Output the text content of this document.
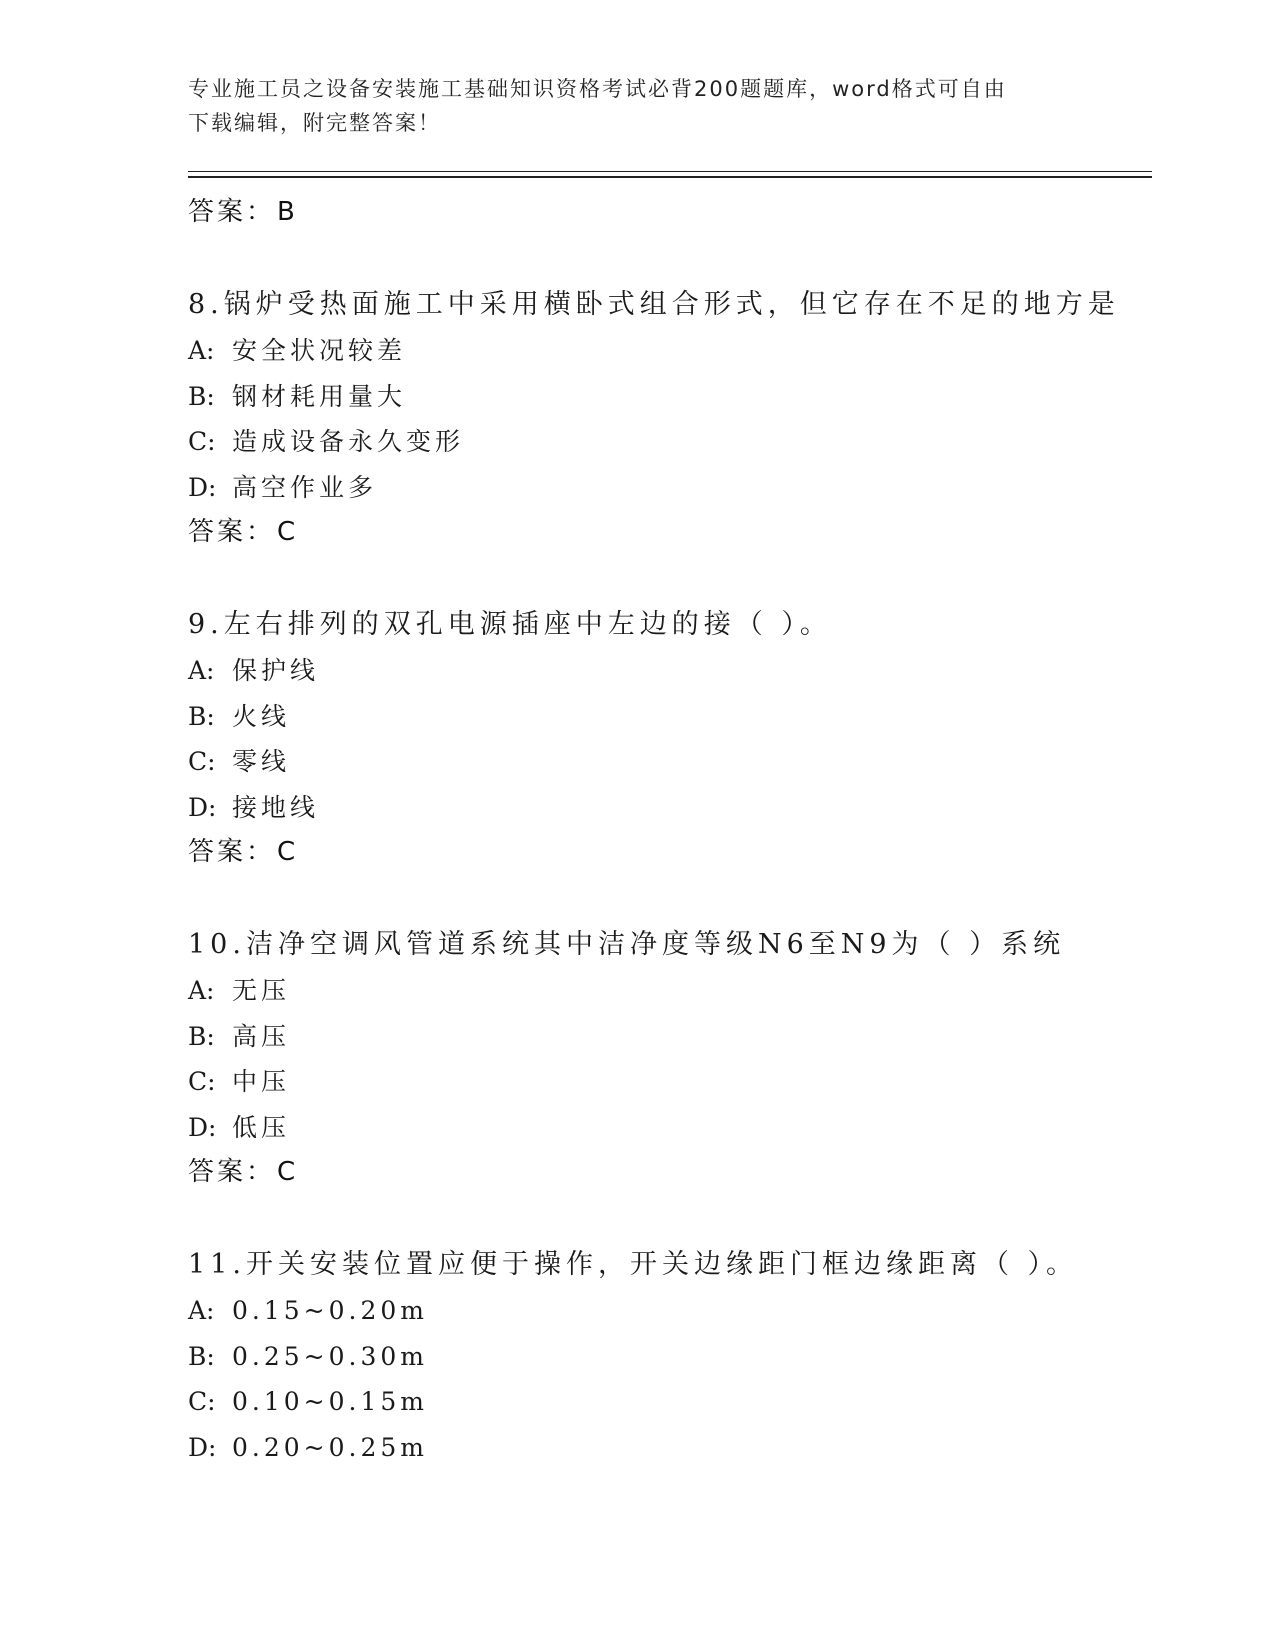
专业施工员之设备安装施工基础知识资格考试必背200题题库，word格式可自由
下载编辑，附完整答案！
答案：B
8.锅炉受热面施工中采用横卧式组合形式，但它存在不足的地方是
A: 安全状况较差
B: 钢材耗用量大
C: 造成设备永久变形
D: 高空作业多
答案：C
9.左右排列的双孔电源插座中左边的接（ ）。
A: 保护线
B: 火线
C: 零线
D: 接地线
答案：C
10.洁净空调风管道系统其中洁净度等级N6至N9为（ ）系统
A: 无压
B: 高压
C: 中压
D: 低压
答案：C
11.开关安装位置应便于操作，开关边缘距门框边缘距离（ ）。
A: 0.15~0.20m
B: 0.25~0.30m
C: 0.10~0.15m
D: 0.20~0.25m
